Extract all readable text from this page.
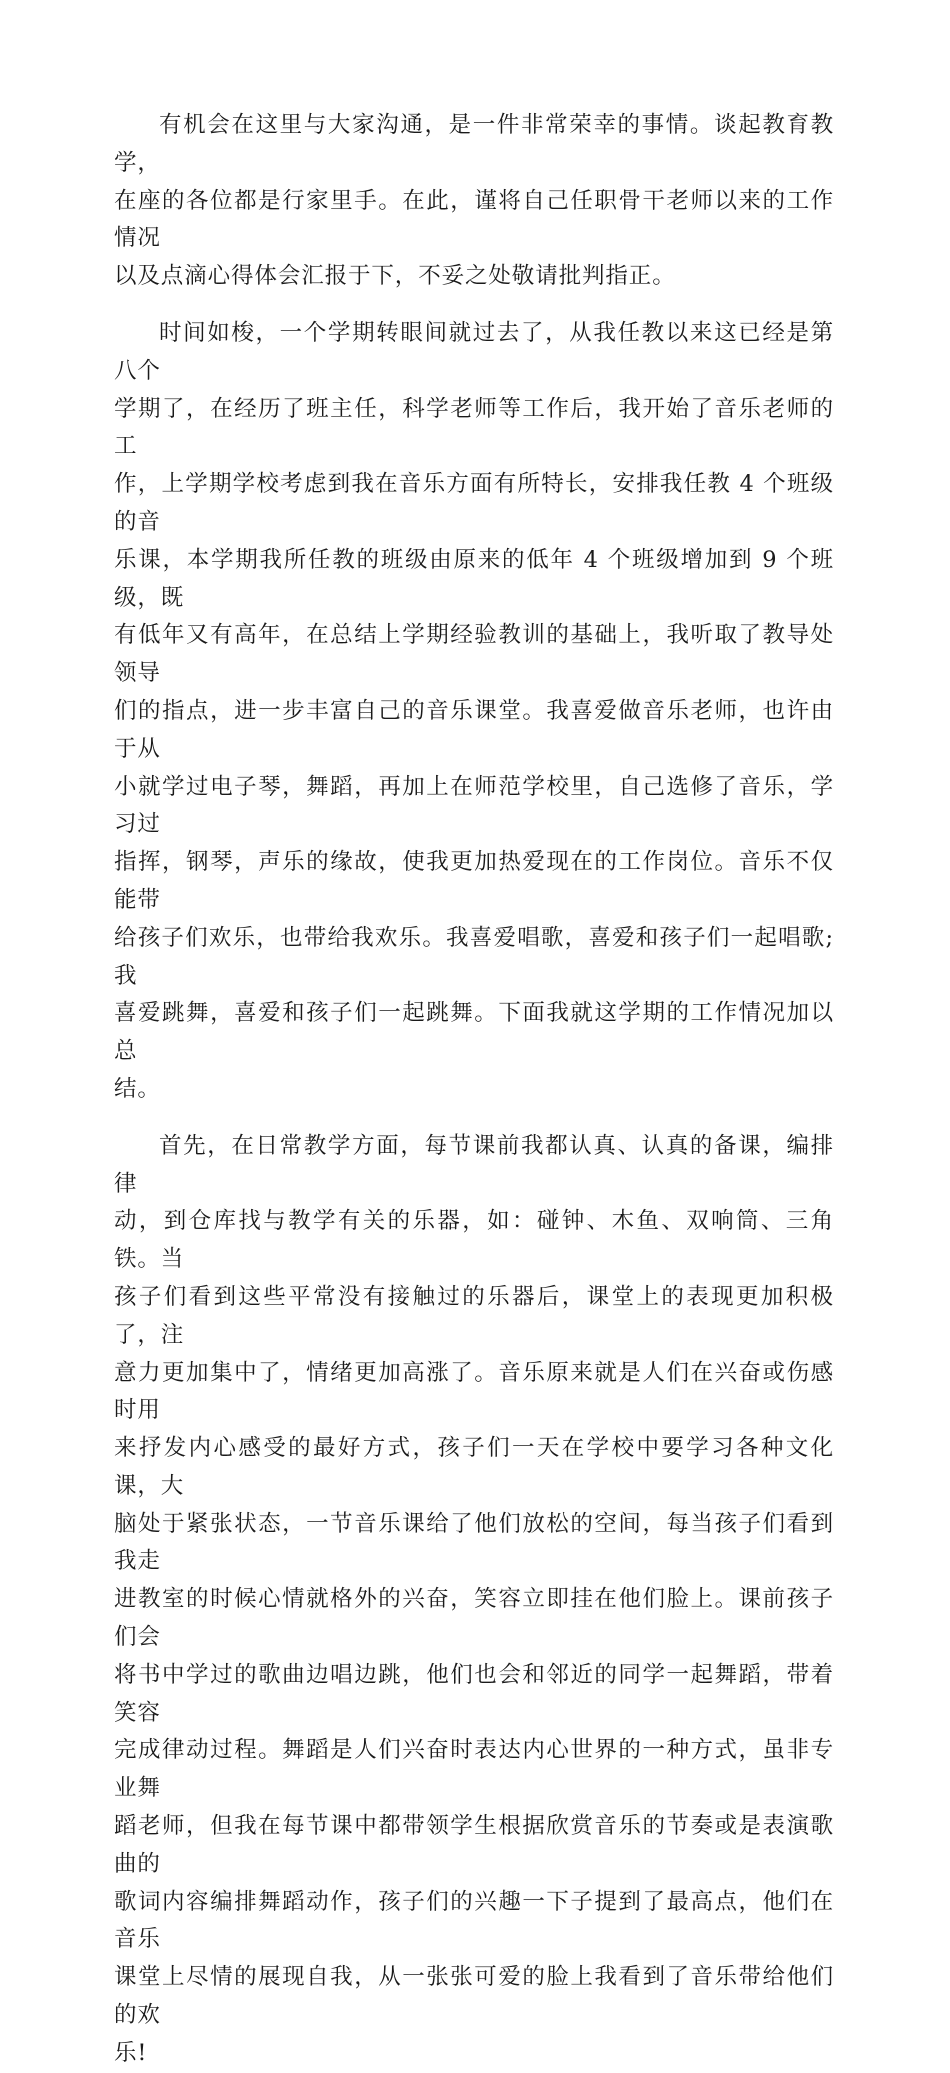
有机会在这里与大家沟通，是一件非常荣幸的事情。谈起教育教学，
在座的各位都是行家里手。在此，谨将自己任职骨干老师以来的工作情况
以及点滴心得体会汇报于下，不妥之处敬请批判指正。

时间如梭，一个学期转眼间就过去了，从我任教以来这已经是第八个
学期了，在经历了班主任，科学老师等工作后，我开始了音乐老师的工
作，上学期学校考虑到我在音乐方面有所特长，安排我任教 4 个班级的音
乐课，本学期我所任教的班级由原来的低年 4 个班级增加到 9 个班级，既
有低年又有高年，在总结上学期经验教训的基础上，我听取了教导处领导
们的指点，进一步丰富自己的音乐课堂。我喜爱做音乐老师，也许由于从
小就学过电子琴，舞蹈，再加上在师范学校里，自己选修了音乐，学习过
指挥，钢琴，声乐的缘故，使我更加热爱现在的工作岗位。音乐不仅能带
给孩子们欢乐，也带给我欢乐。我喜爱唱歌，喜爱和孩子们一起唱歌;我
喜爱跳舞，喜爱和孩子们一起跳舞。下面我就这学期的工作情况加以总
结。

首先，在日常教学方面，每节课前我都认真、认真的备课，编排律
动，到仓库找与教学有关的乐器，如：碰钟、木鱼、双响筒、三角铁。当
孩子们看到这些平常没有接触过的乐器后，课堂上的表现更加积极了，注
意力更加集中了，情绪更加高涨了。音乐原来就是人们在兴奋或伤感时用
来抒发内心感受的最好方式，孩子们一天在学校中要学习各种文化课，大
脑处于紧张状态，一节音乐课给了他们放松的空间，每当孩子们看到我走
进教室的时候心情就格外的兴奋，笑容立即挂在他们脸上。课前孩子们会
将书中学过的歌曲边唱边跳，他们也会和邻近的同学一起舞蹈，带着笑容
完成律动过程。舞蹈是人们兴奋时表达内心世界的一种方式，虽非专业舞
蹈老师，但我在每节课中都带领学生根据欣赏音乐的节奏或是表演歌曲的
歌词内容编排舞蹈动作，孩子们的兴趣一下子提到了最高点，他们在音乐
课堂上尽情的展现自我，从一张张可爱的脸上我看到了音乐带给他们的欢
乐!
